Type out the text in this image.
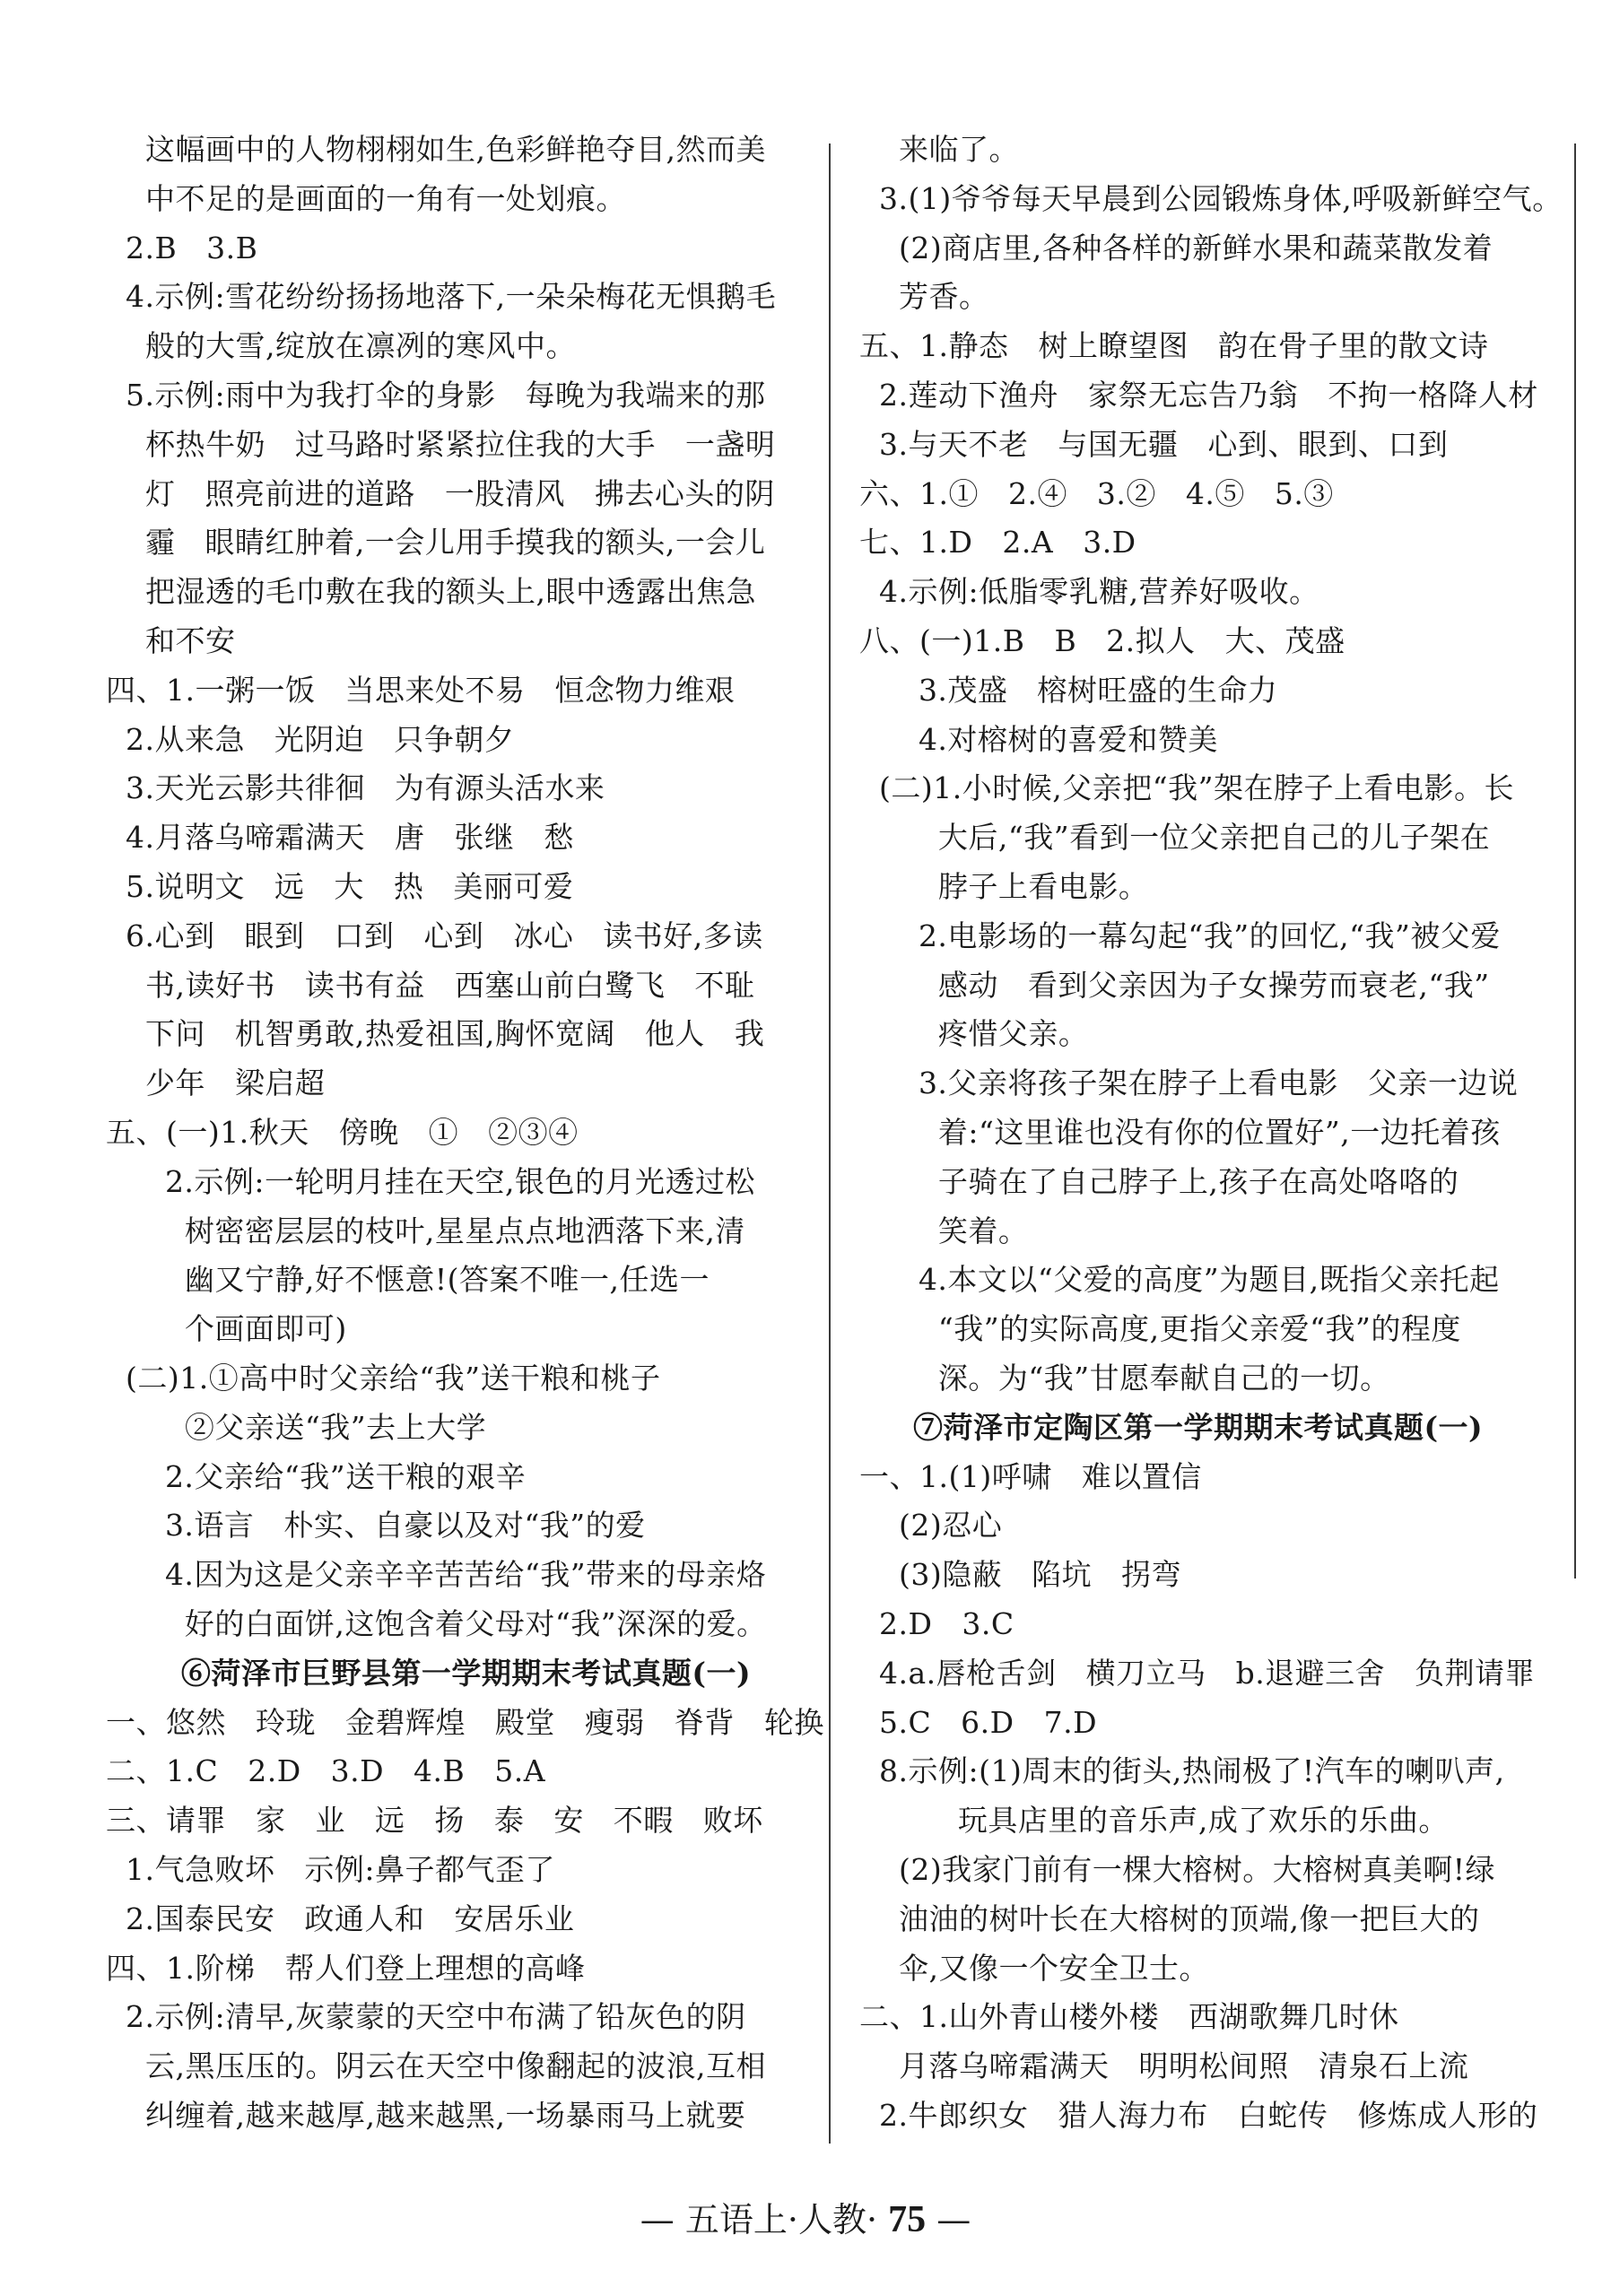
这幅画中的人物栩栩如生,色彩鲜艳夺目,然而美
中不足的是画面的一角有一处划痕。
2.B   3.B
4.示例:雪花纷纷扬扬地落下,一朵朵梅花无惧鹅毛
般的大雪,绽放在凛冽的寒风中。
5.示例:雨中为我打伞的身影   每晚为我端来的那
杯热牛奶   过马路时紧紧拉住我的大手   一盏明
灯   照亮前进的道路   一股清风   拂去心头的阴
霾   眼睛红肿着,一会儿用手摸我的额头,一会儿
把湿透的毛巾敷在我的额头上,眼中透露出焦急
和不安
四、1.一粥一饭   当思来处不易   恒念物力维艰
2.从来急   光阴迫   只争朝夕
3.天光云影共徘徊   为有源头活水来
4.月落乌啼霜满天   唐   张继   愁
5.说明文   远   大   热   美丽可爱
6.心到   眼到   口到   心到   冰心   读书好,多读
书,读好书   读书有益   西塞山前白鹭飞   不耻
下问   机智勇敢,热爱祖国,胸怀宽阔   他人   我
少年   梁启超
五、(一)1.秋天   傍晚   ①   ②③④
2.示例:一轮明月挂在天空,银色的月光透过松
树密密层层的枝叶,星星点点地洒落下来,清
幽又宁静,好不惬意!(答案不唯一,任选一
个画面即可)
(二)1.①高中时父亲给“我”送干粮和桃子
②父亲送“我”去上大学
2.父亲给“我”送干粮的艰辛
3.语言   朴实、自豪以及对“我”的爱
4.因为这是父亲辛辛苦苦给“我”带来的母亲烙
好的白面饼,这饱含着父母对“我”深深的爱。
⑥菏泽市巨野县第一学期期末考试真题(一)
一、悠然   玲珑   金碧辉煌   殿堂   瘦弱   脊背   轮换
二、1.C   2.D   3.D   4.B   5.A
三、请罪   家   业   远   扬   泰   安   不暇   败坏
1.气急败坏   示例:鼻子都气歪了
2.国泰民安   政通人和   安居乐业
四、1.阶梯   帮人们登上理想的高峰
2.示例:清早,灰蒙蒙的天空中布满了铅灰色的阴
云,黑压压的。阴云在天空中像翻起的波浪,互相
纠缠着,越来越厚,越来越黑,一场暴雨马上就要
来临了。
3.(1)爷爷每天早晨到公园锻炼身体,呼吸新鲜空气。
(2)商店里,各种各样的新鲜水果和蔬菜散发着
芳香。
五、1.静态   树上瞭望图   韵在骨子里的散文诗
2.莲动下渔舟   家祭无忘告乃翁   不拘一格降人材
3.与天不老   与国无疆   心到、眼到、口到
六、1.①   2.④   3.②   4.⑤   5.③
七、1.D   2.A   3.D
4.示例:低脂零乳糖,营养好吸收。
八、(一)1.B   B   2.拟人   大、茂盛
3.茂盛   榕树旺盛的生命力
4.对榕树的喜爱和赞美
(二)1.小时候,父亲把“我”架在脖子上看电影。长
大后,“我”看到一位父亲把自己的儿子架在
脖子上看电影。
2.电影场的一幕勾起“我”的回忆,“我”被父爱
感动   看到父亲因为子女操劳而衰老,“我”
疼惜父亲。
3.父亲将孩子架在脖子上看电影   父亲一边说
着:“这里谁也没有你的位置好”,一边托着孩
子骑在了自己脖子上,孩子在高处咯咯的
笑着。
4.本文以“父爱的高度”为题目,既指父亲托起
“我”的实际高度,更指父亲爱“我”的程度
深。为“我”甘愿奉献自己的一切。
⑦菏泽市定陶区第一学期期末考试真题(一)
一、1.(1)呼啸   难以置信
(2)忍心
(3)隐蔽   陷坑   拐弯
2.D   3.C
4.a.唇枪舌剑   横刀立马   b.退避三舍   负荆请罪
5.C   6.D   7.D
8.示例:(1)周末的街头,热闹极了!汽车的喇叭声,
玩具店里的音乐声,成了欢乐的乐曲。
(2)我家门前有一棵大榕树。大榕树真美啊!绿
油油的树叶长在大榕树的顶端,像一把巨大的
伞,又像一个安全卫士。
二、1.山外青山楼外楼   西湖歌舞几时休
月落乌啼霜满天   明明松间照   清泉石上流
2.牛郎织女   猎人海力布   白蛇传   修炼成人形的
— 五语上·人教· 75 —
